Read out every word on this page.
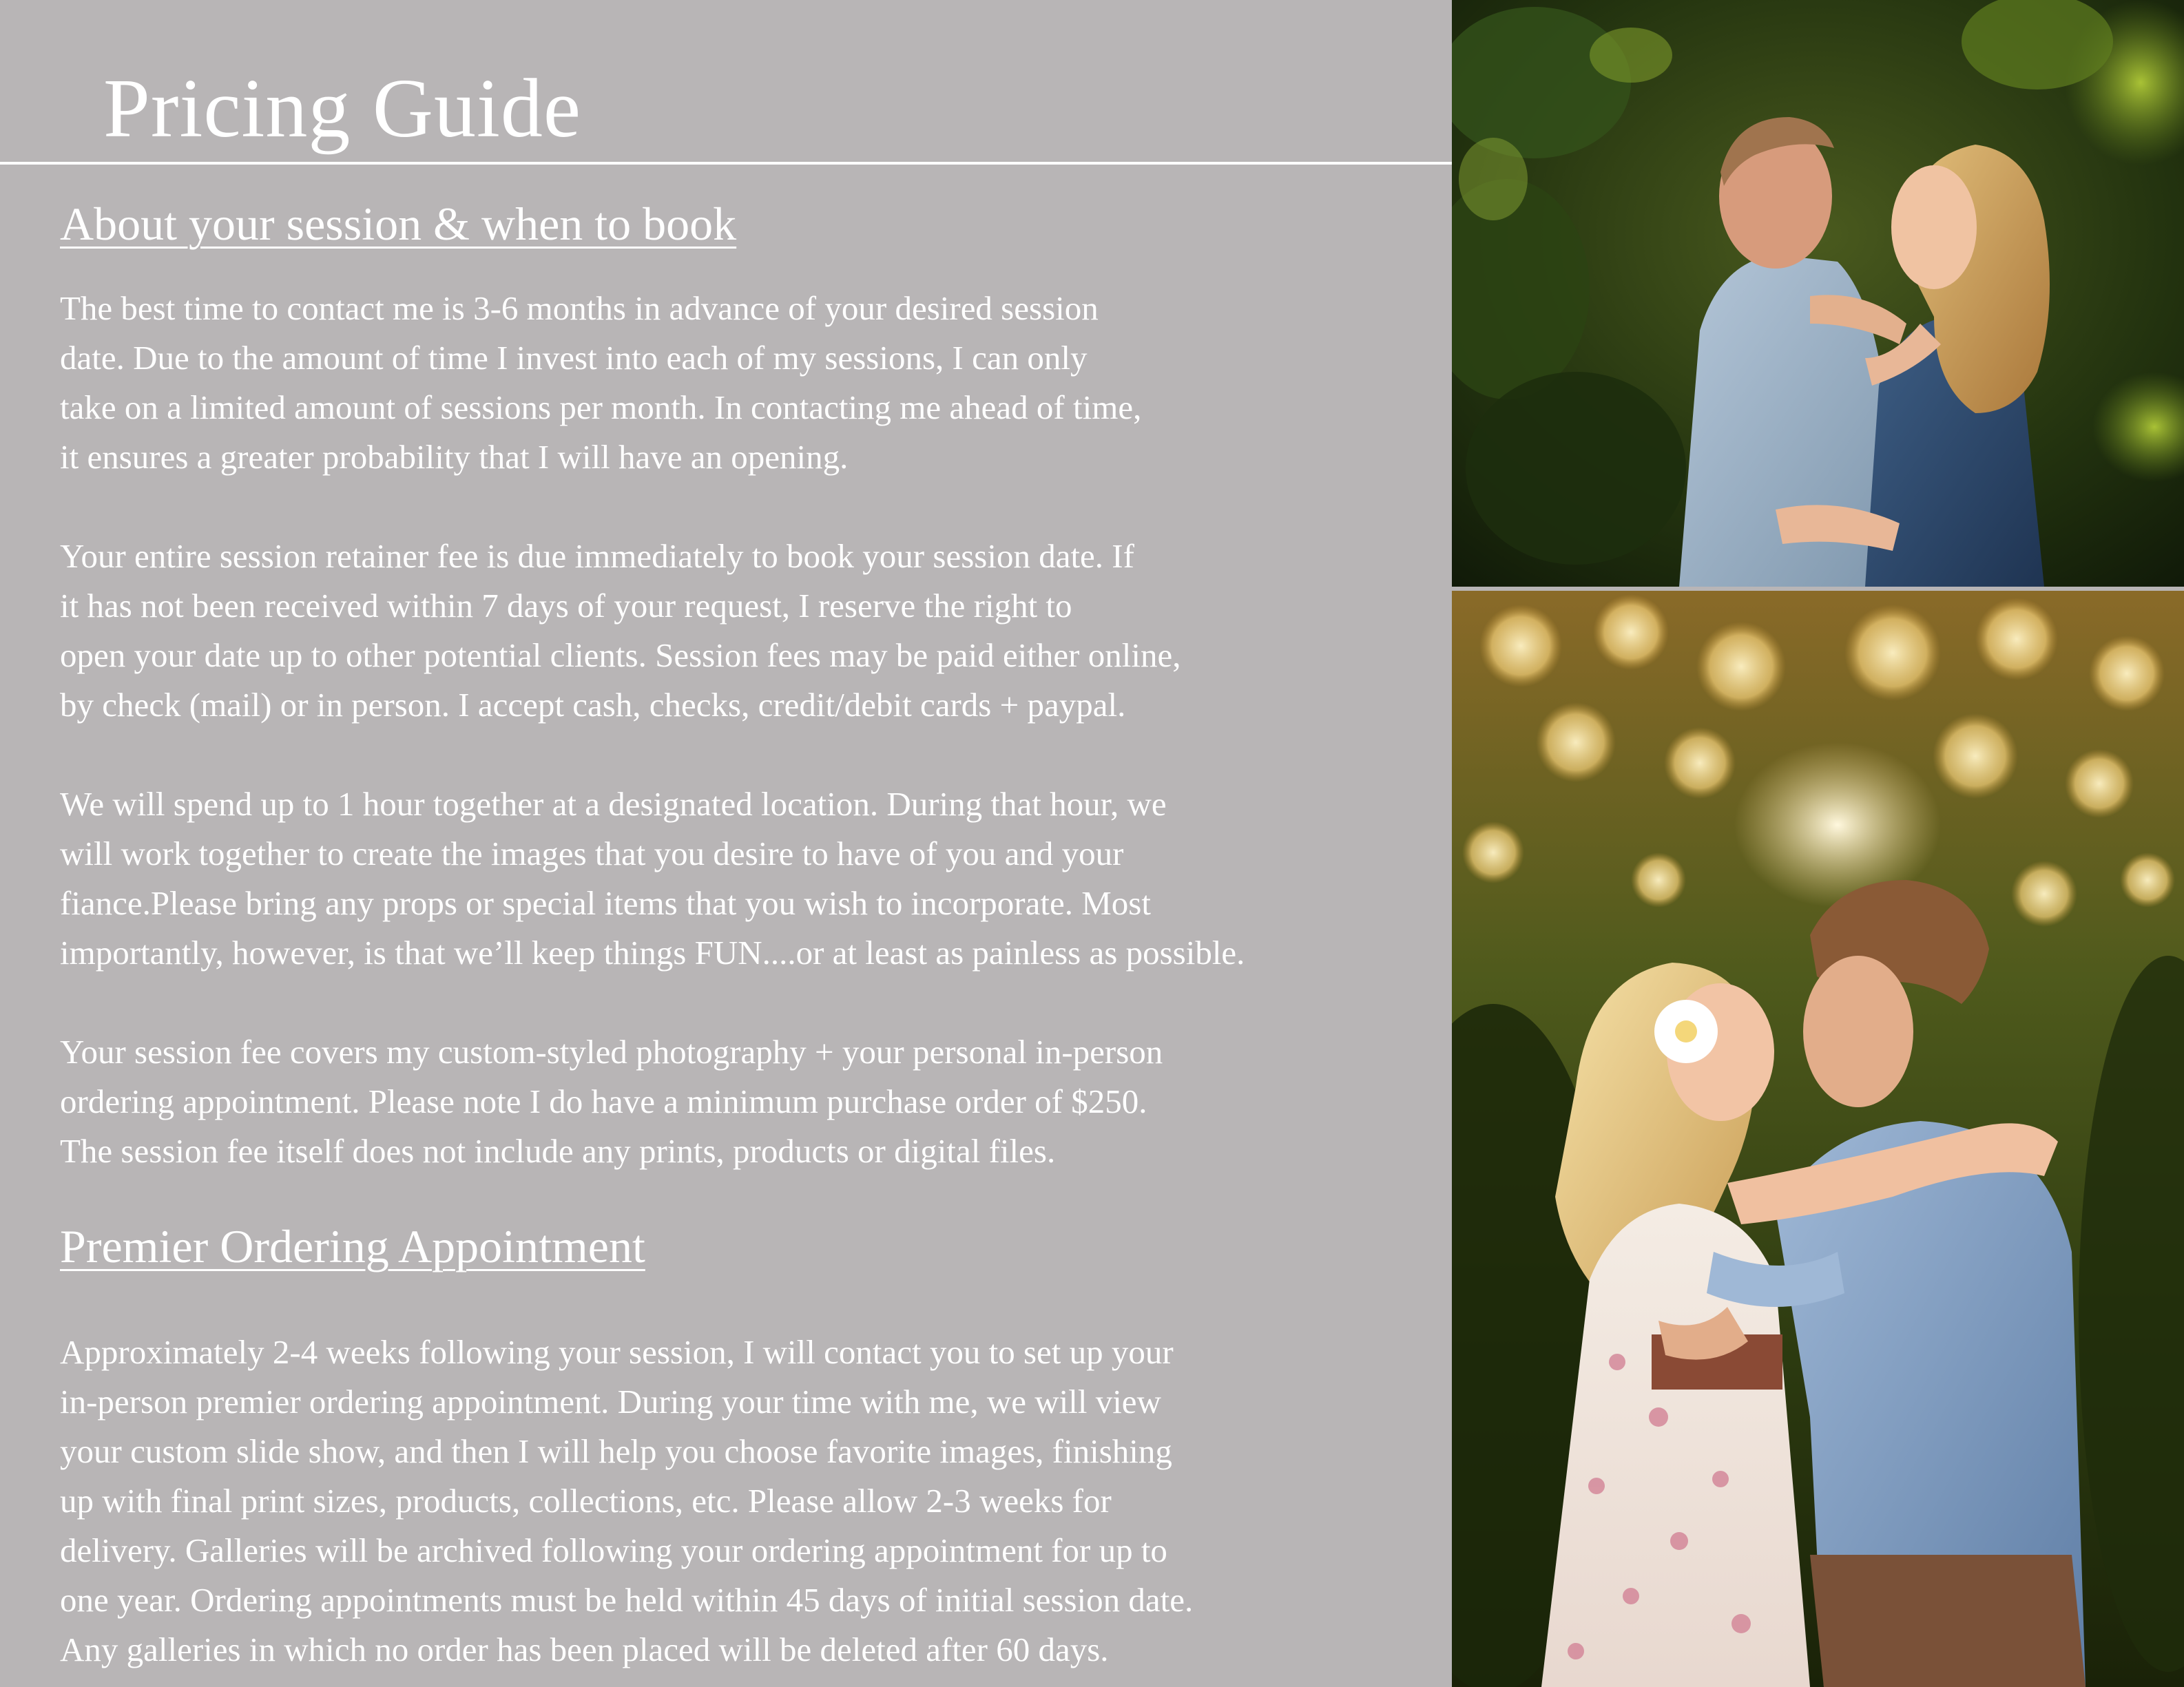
Pricing Guide
About your session & when to book

The best time to contact me is 3-6 months in advance of your desired session
date. Due to the amount of time I invest into each of my sessions, I can only
take on a limited amount of sessions per month. In contacting me ahead of time,
it ensures a greater probability that I will have an opening.

Your entire session retainer fee is due immediately to book your session date. If
it has not been received within 7 days of your request, I reserve the right to
open your date up to other potential clients. Session fees may be paid either online,
by check (mail) or in person. I accept cash, checks, credit/debit cards + paypal.

We will spend up to 1 hour together at a designated location. During that hour, we
will work together to create the images that you desire to have of you and your
fiance.Please bring any props or special items that you wish to incorporate. Most
importantly, however, is that we’ll keep things FUN....or at least as painless as possible.

Your session fee covers my custom-styled photography + your personal in-person
ordering appointment. Please note I do have a minimum purchase order of $250.
The session fee itself does not include any prints, products or digital files.

Premier Ordering Appointment

Approximately 2-4 weeks following your session, I will contact you to set up your
in-person premier ordering appointment. During your time with me, we will view
your custom slide show, and then I will help you choose favorite images, finishing
up with final print sizes, products, collections, etc. Please allow 2-3 weeks for
delivery. Galleries will be archived following your ordering appointment for up to
one year. Ordering appointments must be held within 45 days of initial session date.
Any galleries in which no order has been placed will be deleted after 60 days.
